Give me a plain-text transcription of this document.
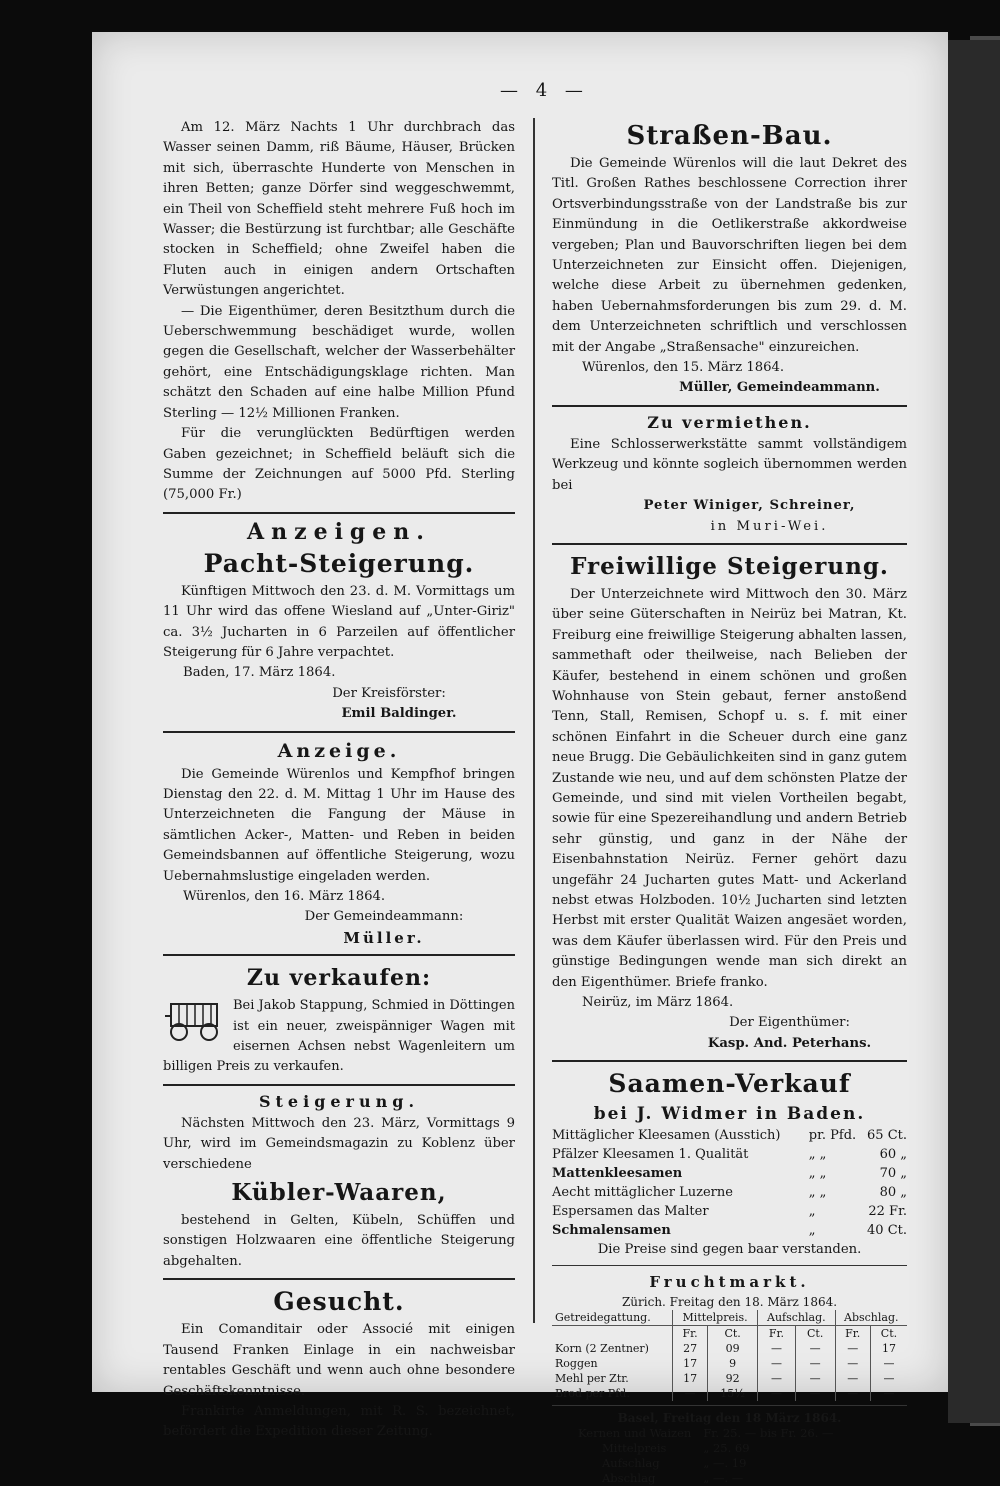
— 4 —

Am 12. März Nachts 1 Uhr durchbrach das Wasser seinen Damm, riß Bäume, Häuser, Brücken mit sich, überraschte Hunderte von Menschen in ihren Betten; ganze Dörfer sind weggeschwemmt, ein Theil von Scheffield steht mehrere Fuß hoch im Wasser; die Bestürzung ist furchtbar; alle Geschäfte stocken in Scheffield; ohne Zweifel haben die Fluten auch in einigen andern Ortschaften Verwüstungen angerichtet.

— Die Eigenthümer, deren Besitzthum durch die Ueberschwemmung beschädiget wurde, wollen gegen die Gesellschaft, welcher der Wasserbehälter gehört, eine Entschädigungsklage richten. Man schätzt den Schaden auf eine halbe Million Pfund Sterling — 12½ Millionen Franken.

Für die verunglückten Bedürftigen werden Gaben gezeichnet; in Scheffield beläuft sich die Summe der Zeichnungen auf 5000 Pfd. Sterling (75,000 Fr.)

Anzeigen.
Pacht-Steigerung.

Künftigen Mittwoch den 23. d. M. Vormittags um 11 Uhr wird das offene Wiesland auf „Unter-Giriz" ca. 3½ Jucharten in 6 Parzeilen auf öffentlicher Steigerung für 6 Jahre verpachtet.

Baden, 17. März 1864.
Der Kreisförster:
Emil Baldinger.
Anzeige.

Die Gemeinde Würenlos und Kempfhof bringen Dienstag den 22. d. M. Mittag 1 Uhr im Hause des Unterzeichneten die Fangung der Mäuse in sämtlichen Acker-, Matten- und Reben in beiden Gemeindsbannen auf öffentliche Steigerung, wozu Uebernahmslustige eingeladen werden.

Würenlos, den 16. März 1864.
Der Gemeindeammann:
Müller.
Zu verkaufen:

Bei Jakob Stappung, Schmied in Döttingen ist ein neuer, zweispänniger Wagen mit eisernen Achsen nebst Wagenleitern um billigen Preis zu verkaufen.

Steigerung.

Nächsten Mittwoch den 23. März, Vormittags 9 Uhr, wird im Gemeindsmagazin zu Koblenz über verschiedene

Kübler-Waaren,

bestehend in Gelten, Kübeln, Schüffen und sonstigen Holzwaaren eine öffentliche Steigerung abgehalten.

Gesucht.

Ein Comanditair oder Associé mit einigen Tausend Franken Einlage in ein nachweisbar rentables Geschäft und wenn auch ohne besondere Geschäftskenntnisse.

Frankirte Anmeldungen, mit R. S. bezeichnet, befördert die Expedition dieser Zeitung.

Straßen-Bau.

Die Gemeinde Würenlos will die laut Dekret des Titl. Großen Rathes beschlossene Correction ihrer Ortsverbindungsstraße von der Landstraße bis zur Einmündung in die Oetlikerstraße akkordweise vergeben; Plan und Bauvorschriften liegen bei dem Unterzeichneten zur Einsicht offen. Diejenigen, welche diese Arbeit zu übernehmen gedenken, haben Uebernahmsforderungen bis zum 29. d. M. dem Unterzeichneten schriftlich und verschlossen mit der Angabe „Straßensache" einzureichen.

Würenlos, den 15. März 1864.
Müller, Gemeindeammann.
Zu vermiethen.

Eine Schlosserwerkstätte sammt vollständigem Werkzeug und könnte sogleich übernommen werden bei

Peter Winiger, Schreiner,
in Muri-Wei.
Freiwillige Steigerung.

Der Unterzeichnete wird Mittwoch den 30. März über seine Güterschaften in Neirüz bei Matran, Kt. Freiburg eine freiwillige Steigerung abhalten lassen, sammethaft oder theilweise, nach Belieben der Käufer, bestehend in einem schönen und großen Wohnhause von Stein gebaut, ferner anstoßend Tenn, Stall, Remisen, Schopf u. s. f. mit einer schönen Einfahrt in die Scheuer durch eine ganz neue Brugg. Die Gebäulichkeiten sind in ganz gutem Zustande wie neu, und auf dem schönsten Platze der Gemeinde, und sind mit vielen Vortheilen begabt, sowie für eine Spezereihandlung und andern Betrieb sehr günstig, und ganz in der Nähe der Eisenbahnstation Neirüz. Ferner gehört dazu ungefähr 24 Jucharten gutes Matt- und Ackerland nebst etwas Holzboden. 10½ Jucharten sind letzten Herbst mit erster Qualität Waizen angesäet worden, was dem Käufer überlassen wird. Für den Preis und günstige Bedingungen wende man sich direkt an den Eigenthümer. Briefe franko.

Neirüz, im März 1864.
Der Eigenthümer:
Kasp. And. Peterhans.
Saamen-Verkauf
bei J. Widmer in Baden.
Mittäglicher Kleesamen (Ausstich)	pr. Pfd.	65 Ct.
Pfälzer Kleesamen 1. Qualität	„ „	60 „
Mattenkleesamen	„ „	70 „
Aecht mittäglicher Luzerne	„ „	80 „
Espersamen das Malter	„	22 Fr.
Schmalensamen	„	40 Ct.
Die Preise sind gegen baar verstanden.
Fruchtmarkt.
Zürich. Freitag den 18. März 1864.
Getreidegattung.	Mittelpreis.		Aufschlag.		Abschlag.	
	Fr.	Ct.	Fr.	Ct.	Fr.	Ct.
Korn (2 Zentner)	27	09	—	—	—	17
Roggen	17	9	—	—	—	—
Mehl per Ztr.	17	92	—	—	—	—
Brod per Pfd.	—	15½	—	—	—	—
Basel, Freitag den 18 März 1864.
Kernen und Waizen	Fr. 25. — bis Fr. 26. —
Mittelpreis	„ 25. 69
Aufschlag	„ —. 19
Abschlag	„ —. —
